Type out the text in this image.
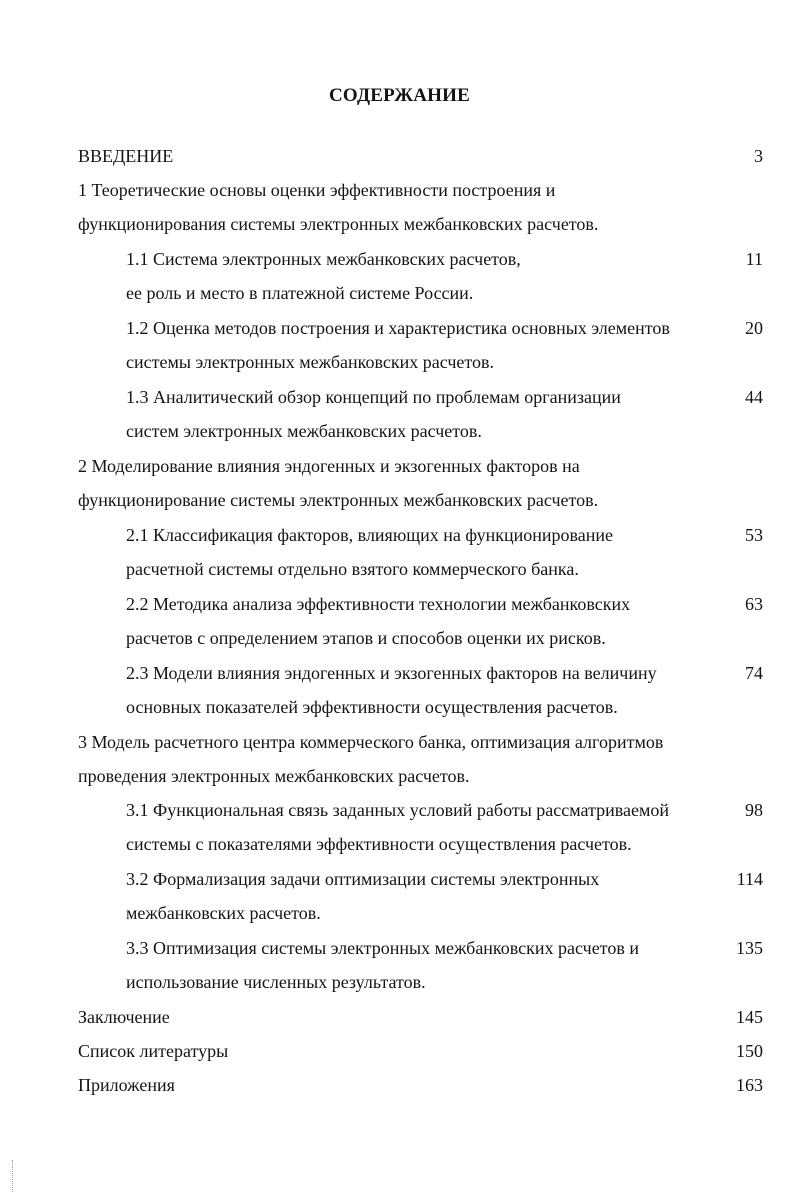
СОДЕРЖАНИЕ
ВВЕДЕНИЕ	3
1 Теоретические основы оценки эффективности построения и
функционирования системы электронных межбанковских расчетов.
1.1 Система электронных межбанковских расчетов,	11
ее роль и место в платежной системе России.
1.2 Оценка методов построения и характеристика основных элементов	20
системы электронных межбанковских расчетов.
1.3 Аналитический обзор концепций по проблемам организации	44
систем электронных межбанковских расчетов.
2 Моделирование влияния эндогенных и экзогенных факторов на
функционирование системы электронных межбанковских расчетов.
2.1 Классификация факторов, влияющих на функционирование	53
расчетной системы отдельно взятого коммерческого банка.
2.2 Методика анализа эффективности технологии межбанковских	63
расчетов с определением этапов и способов оценки их рисков.
2.3 Модели влияния эндогенных и экзогенных факторов на величину	74
основных показателей эффективности осуществления расчетов.
3 Модель расчетного центра коммерческого банка, оптимизация алгоритмов
проведения электронных межбанковских расчетов.
3.1 Функциональная связь заданных условий работы рассматриваемой	98
системы с показателями эффективности осуществления расчетов.
3.2 Формализация задачи оптимизации системы электронных	114
межбанковских расчетов.
3.3 Оптимизация системы электронных межбанковских расчетов и	135
использование численных результатов.
Заключение	145
Список литературы	150
Приложения	163
